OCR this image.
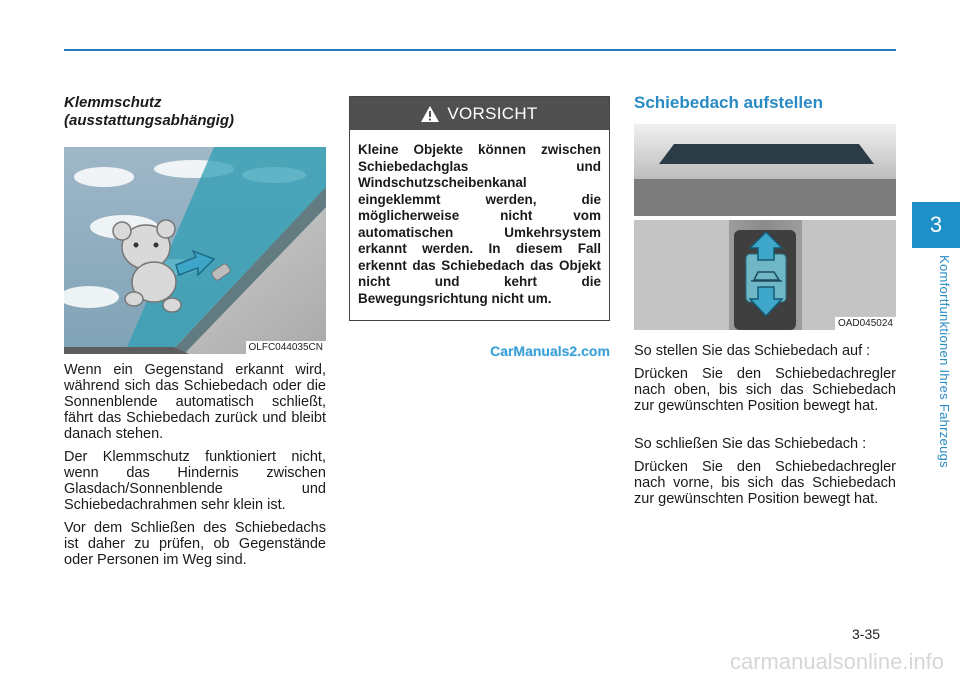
3
Komfortfunktionen Ihres Fahrzeugs

Klemmschutz (ausstattungsabhängig)

OLFC044035CN

Wenn ein Gegenstand erkannt wird, während sich das Schiebedach oder die Sonnenblende automatisch schließt, fährt das Schiebedach zurück und bleibt danach stehen.

Der Klemmschutz funktioniert nicht, wenn das Hindernis zwischen Glasdach/Sonnenblende und Schiebedachrahmen sehr klein ist.

Vor dem Schließen des Schiebedachs ist daher zu prüfen, ob Gegenstände oder Personen im Weg sind.

VORSICHT

Kleine Objekte können zwischen Schiebedachglas und Windschutzscheibenkanal eingeklemmt werden, die möglicherweise nicht vom automatischen Umkehrsystem erkannt werden. In diesem Fall erkennt das Schiebedach das Objekt nicht und kehrt die Bewegungsrichtung nicht um.

CarManuals2.com

Schiebedach aufstellen

OAD045024

So stellen Sie das Schiebedach auf :

Drücken Sie den Schiebedachregler nach oben, bis sich das Schiebedach zur gewünschten Position bewegt hat.

So schließen Sie das Schiebedach :

Drücken Sie den Schiebedachregler nach vorne, bis sich das Schiebedach zur gewünschten Position bewegt hat.

3-35
carmanualsonline.info
